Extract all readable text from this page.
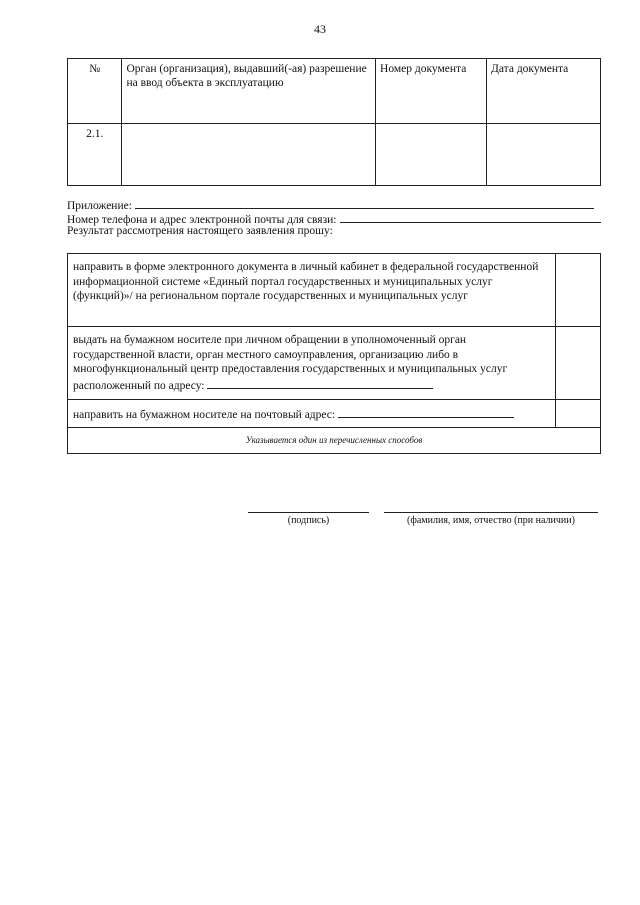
43
№	Орган (организация), выдавший(-ая) разрешение на ввод объекта в эксплуатацию	Номер документа	Дата документа
2.1.			
Приложение:
Номер телефона и адрес электронной почты для связи:
Результат рассмотрения настоящего заявления прошу:
направить в форме электронного документа в личный кабинет в федеральной государственной информационной системе «Единый портал государственных и муниципальных услуг (функций)»/ на региональном портале государственных и муниципальных услуг	
выдать на бумажном носителе при личном обращении в уполномоченный орган государственной власти, орган местного самоуправления, организацию либо в многофункциональный центр предоставления государственных и муниципальных услуг расположенный по адресу:	
направить на бумажном носителе на почтовый адрес:	
Указывается один из перечисленных способов	
(подпись)	(фамилия, имя, отчество (при наличии)
